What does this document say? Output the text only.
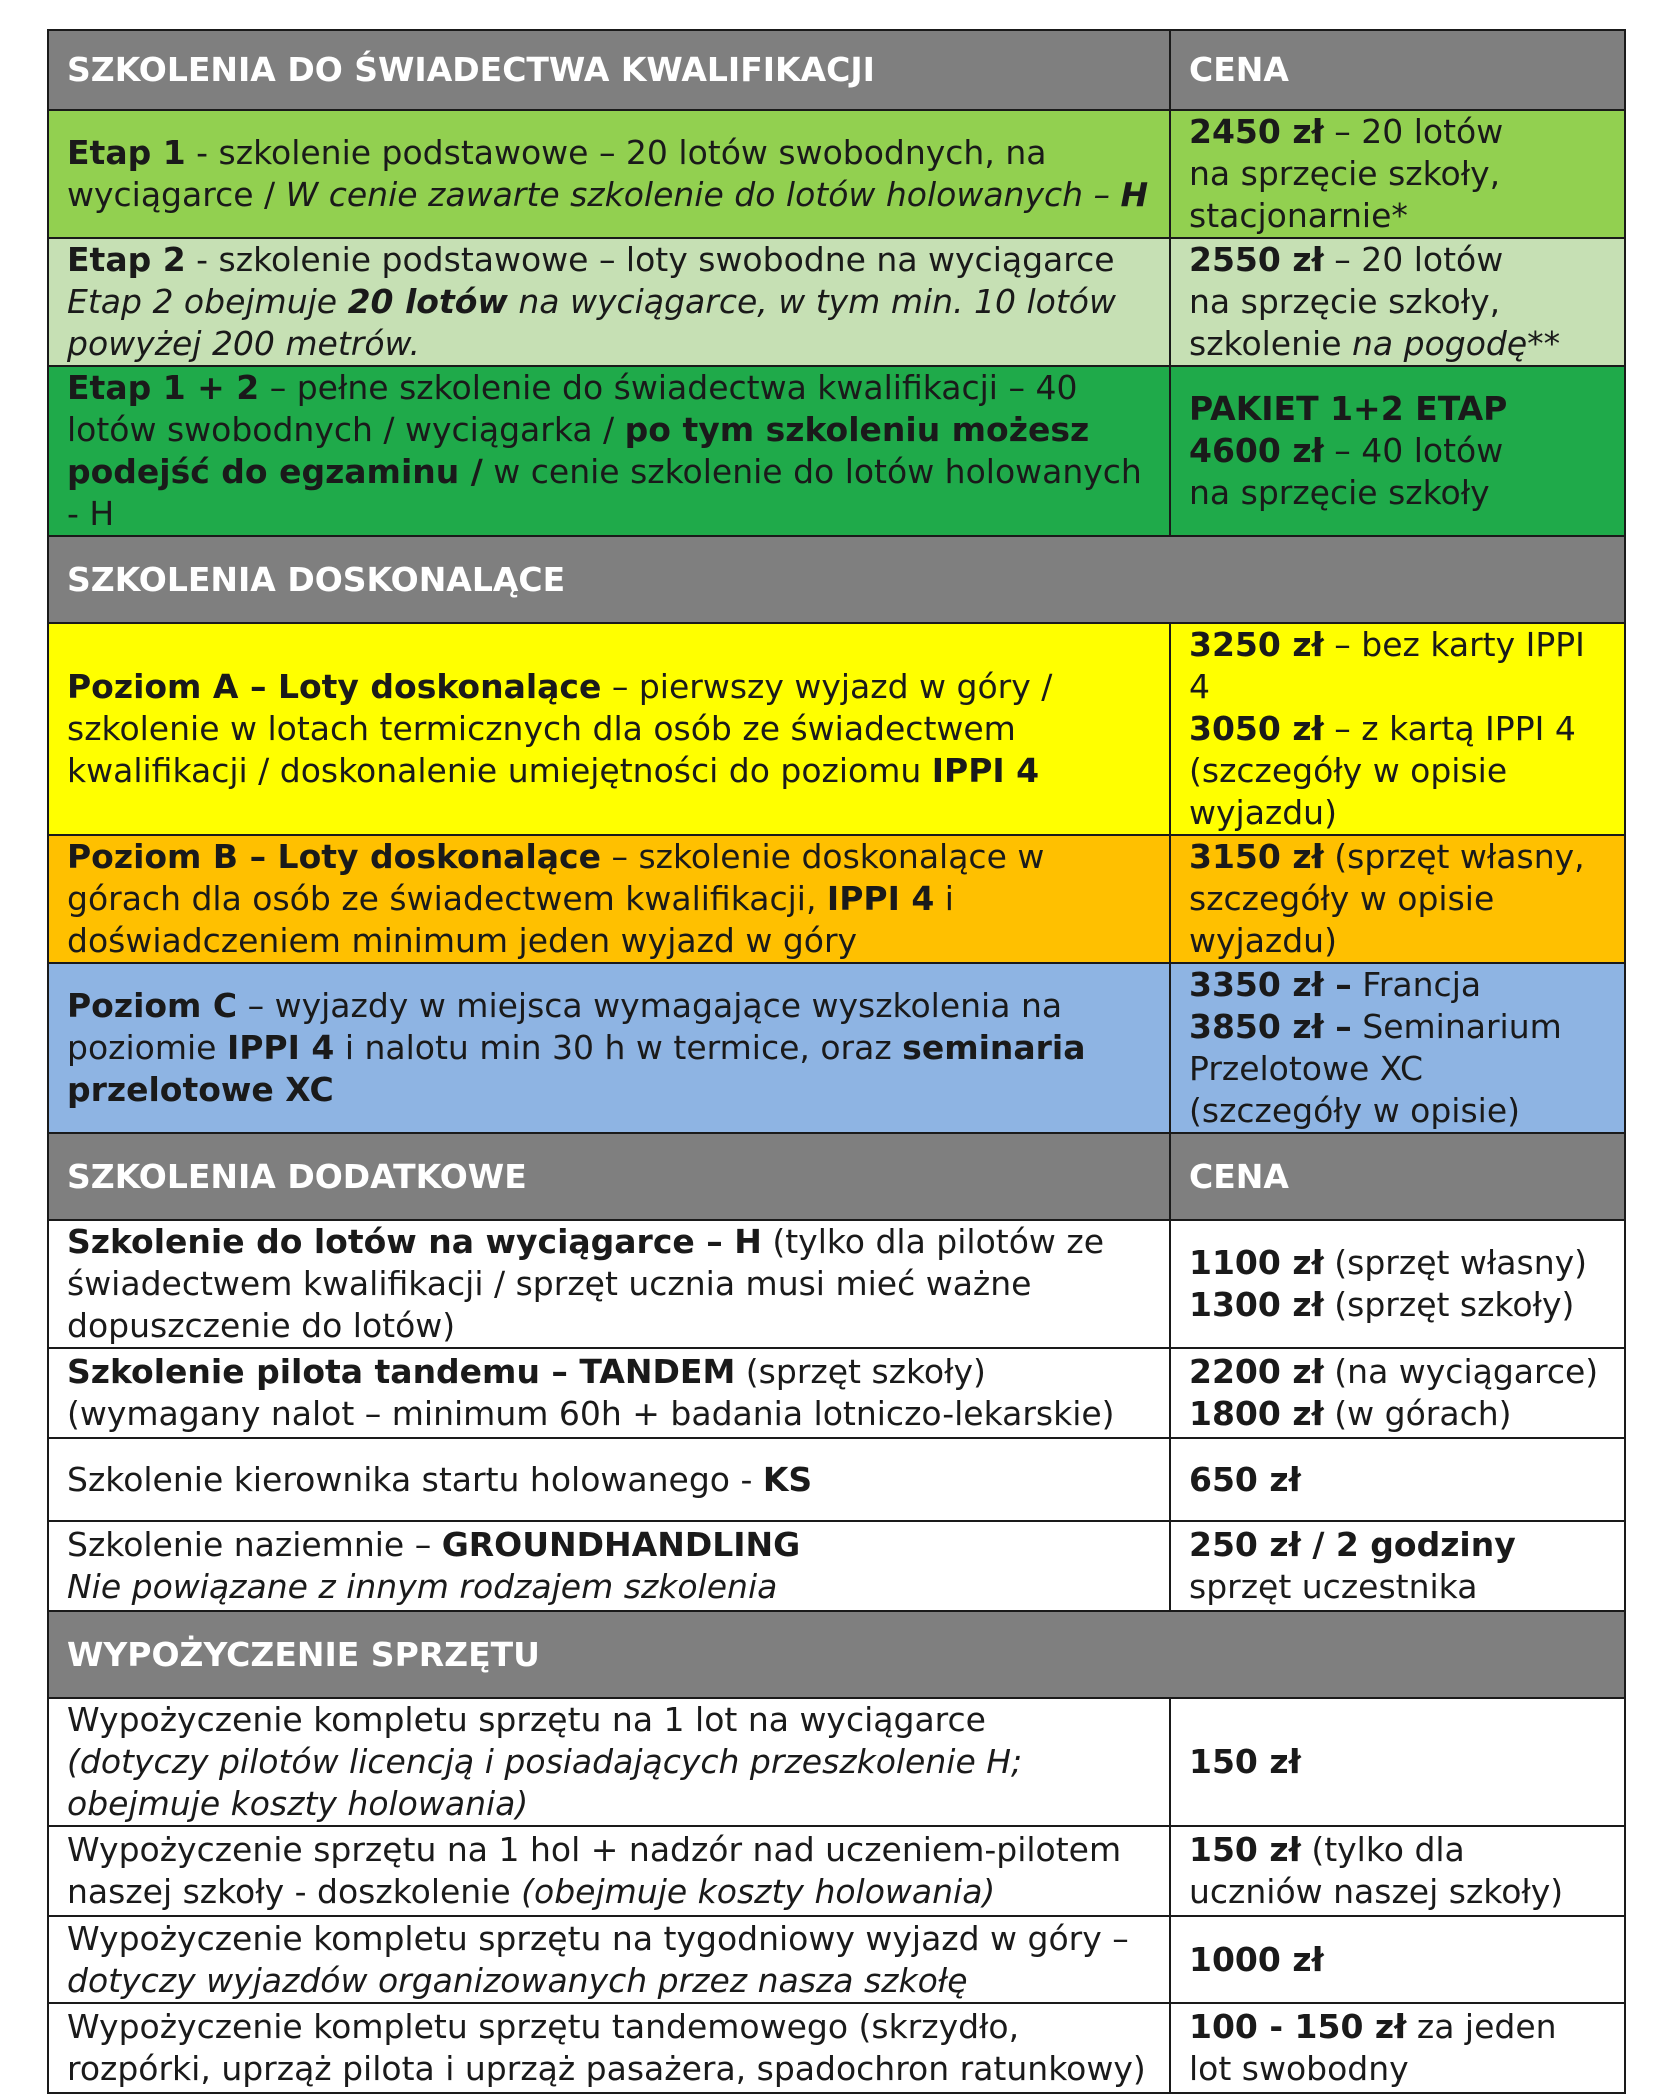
SZKOLENIA DO ŚWIADECTWA KWALIFIKACJI	CENA
Etap 1 - szkolenie podstawowe – 20 lotów swobodnych, na wyciągarce / W cenie zawarte szkolenie do lotów holowanych – H	2450 zł – 20 lotów
na sprzęcie szkoły,
stacjonarnie*

Etap 2 - szkolenie podstawowe – loty swobodne na wyciągarce
Etap 2 obejmuje 20 lotów na wyciągarce, w tym min. 10 lotów powyżej 200 metrów.	2550 zł – 20 lotów
na sprzęcie szkoły,
szkolenie na pogodę**

Etap 1 + 2 – pełne szkolenie do świadectwa kwalifikacji – 40 lotów swobodnych / wyciągarka / po tym szkoleniu możesz podejść do egzaminu / w cenie szkolenie do lotów holowanych - H	PAKIET 1+2 ETAP
4600 zł – 40 lotów
na sprzęcie szkoły

SZKOLENIA DOSKONALĄCE	
Poziom A – Loty doskonalące – pierwszy wyjazd w góry / szkolenie w lotach termicznych dla osób ze świadectwem kwalifikacji / doskonalenie umiejętności do poziomu IPPI 4	3250 zł – bez karty IPPI 4
3050 zł – z kartą IPPI 4
(szczegóły w opisie wyjazdu)

Poziom B – Loty doskonalące – szkolenie doskonalące w górach dla osób ze świadectwem kwalifikacji, IPPI 4 i doświadczeniem minimum jeden wyjazd w góry	3150 zł (sprzęt własny, szczegóły w opisie wyjazdu)
Poziom C – wyjazdy w miejsca wymagające wyszkolenia na poziomie IPPI 4 i nalotu min 30 h w termice, oraz seminaria przelotowe XC	3350 zł – Francja
3850 zł – Seminarium Przelotowe XC
(szczegóły w opisie)

SZKOLENIA DODATKOWE	CENA
Szkolenie do lotów na wyciągarce – H (tylko dla pilotów ze świadectwem kwalifikacji / sprzęt ucznia musi mieć ważne dopuszczenie do lotów)	1100 zł (sprzęt własny)
1300 zł (sprzęt szkoły)

Szkolenie pilota tandemu – TANDEM (sprzęt szkoły)
(wymagany nalot – minimum 60h + badania lotniczo-lekarskie)	2200 zł (na wyciągarce)
1800 zł (w górach)

Szkolenie kierownika startu holowanego - KS	650 zł
Szkolenie naziemnie – GROUNDHANDLING
Nie powiązane z innym rodzajem szkolenia	250 zł / 2 godziny
sprzęt uczestnika

WYPOŻYCZENIE SPRZĘTU	

Wypożyczenie kompletu sprzętu na 1 lot na wyciągarce
(dotyczy pilotów licencją i posiadających przeszkolenie H; obejmuje koszty holowania)	150 zł
Wypożyczenie sprzętu na 1 hol + nadzór nad uczeniem-pilotem naszej szkoły - doszkolenie (obejmuje koszty holowania)	150 zł (tylko dla uczniów naszej szkoły)
Wypożyczenie kompletu sprzętu na tygodniowy wyjazd w góry – dotyczy wyjazdów organizowanych przez nasza szkołę	1000 zł
Wypożyczenie kompletu sprzętu tandemowego (skrzydło, rozpórki, uprząż pilota i uprząż pasażera, spadochron ratunkowy)	100 - 150 zł za jeden lot swobodny
